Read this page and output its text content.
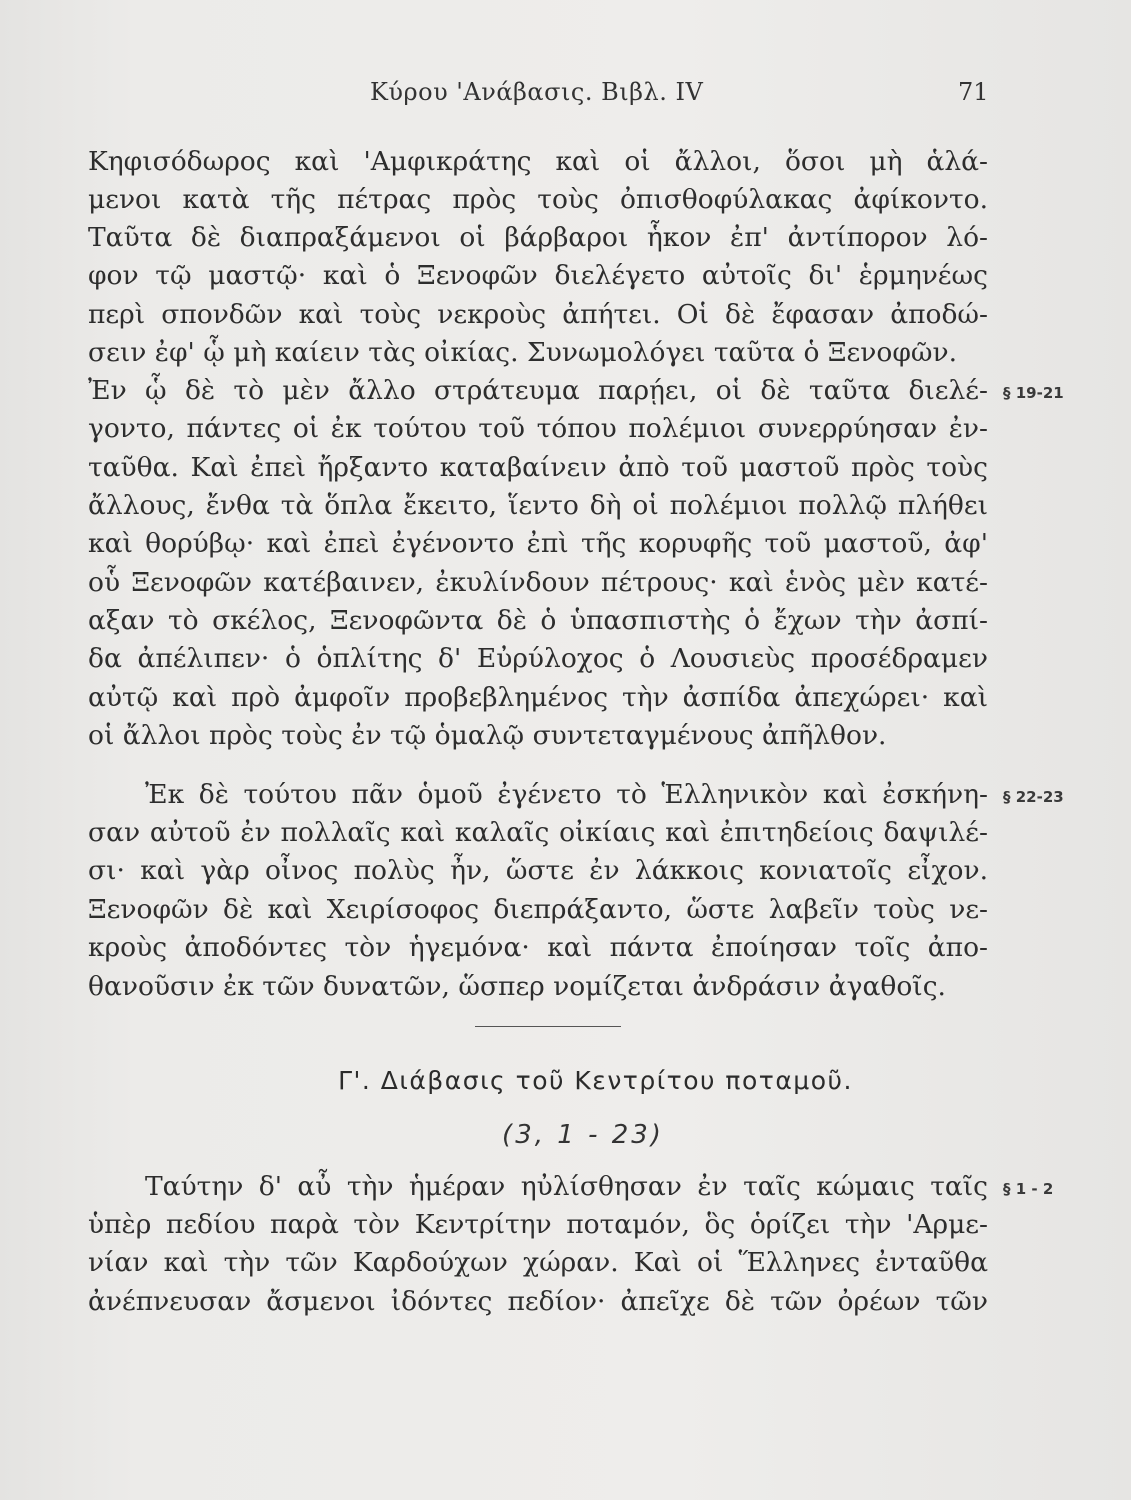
Κύρου 'Ανάβασις. Βιβλ. IV	71
Κηφισόδωρος καὶ 'Αμφικράτης καὶ οἱ ἄλλοι, ὅσοι μὴ ἁλά-
μενοι κατὰ τῆς πέτρας πρὸς τοὺς ὀπισθοφύλακας ἀφίκοντο.
Ταῦτα δὲ διαπραξάμενοι οἱ βάρβαροι ἧκον ἐπ' ἀντίπορον λό-
φον τῷ μαστῷ· καὶ ὁ Ξενοφῶν διελέγετο αὐτοῖς δι' ἑρμηνέως
περὶ σπονδῶν καὶ τοὺς νεκροὺς ἀπήτει. Οἱ δὲ ἔφασαν ἀποδώ-
σειν ἐφ' ᾧ μὴ καίειν τὰς οἰκίας. Συνωμολόγει ταῦτα ὁ Ξενοφῶν.
Ἐν ᾧ δὲ τὸ μὲν ἄλλο στράτευμα παρῄει, οἱ δὲ ταῦτα διελέ-
γοντο, πάντες οἱ ἐκ τούτου τοῦ τόπου πολέμιοι συνερρύησαν ἐν-
ταῦθα. Καὶ ἐπεὶ ἤρξαντο καταβαίνειν ἀπὸ τοῦ μαστοῦ πρὸς τοὺς
ἄλλους, ἔνθα τὰ ὅπλα ἔκειτο, ἵεντο δὴ οἱ πολέμιοι πολλῷ πλήθει
καὶ θορύβῳ· καὶ ἐπεὶ ἐγένοντο ἐπὶ τῆς κορυφῆς τοῦ μαστοῦ, ἀφ'
οὗ Ξενοφῶν κατέβαινεν, ἐκυλίνδουν πέτρους· καὶ ἑνὸς μὲν κατέ-
αξαν τὸ σκέλος, Ξενοφῶντα δὲ ὁ ὑπασπιστὴς ὁ ἔχων τὴν ἀσπί-
δα ἀπέλιπεν· ὁ ὁπλίτης δ' Εὐρύλοχος ὁ Λουσιεὺς προσέδραμεν
αὐτῷ καὶ πρὸ ἀμφοῖν προβεβλημένος τὴν ἀσπίδα ἀπεχώρει· καὶ
οἱ ἄλλοι πρὸς τοὺς ἐν τῷ ὁμαλῷ συντεταγμένους ἀπῆλθον.
Ἐκ δὲ τούτου πᾶν ὁμοῦ ἐγένετο τὸ Ἑλληνικὸν καὶ ἐσκήνη-
σαν αὐτοῦ ἐν πολλαῖς καὶ καλαῖς οἰκίαις καὶ ἐπιτηδείοις δαψιλέ-
σι· καὶ γὰρ οἶνος πολὺς ἦν, ὥστε ἐν λάκκοις κονιατοῖς εἶχον.
Ξενοφῶν δὲ καὶ Χειρίσοφος διεπράξαντο, ὥστε λαβεῖν τοὺς νε-
κροὺς ἀποδόντες τὸν ἡγεμόνα· καὶ πάντα ἐποίησαν τοῖς ἀπο-
θανοῦσιν ἐκ τῶν δυνατῶν, ὥσπερ νομίζεται ἀνδράσιν ἀγαθοῖς.
Γ'. Διάβασις τοῦ Κεντρίτου ποταμοῦ.
(3, 1 - 23)
Ταύτην δ' αὖ τὴν ἡμέραν ηὐλίσθησαν ἐν ταῖς κώμαις ταῖς
ὑπὲρ πεδίου παρὰ τὸν Κεντρίτην ποταμόν, ὃς ὁρίζει τὴν 'Αρμε-
νίαν καὶ τὴν τῶν Καρδούχων χώραν. Καὶ οἱ Ἕλληνες ἐνταῦθα
ἀνέπνευσαν ἄσμενοι ἰδόντες πεδίον· ἀπεῖχε δὲ τῶν ὀρέων τῶν
§ 19-21
§ 22-23
§ 1 - 2
